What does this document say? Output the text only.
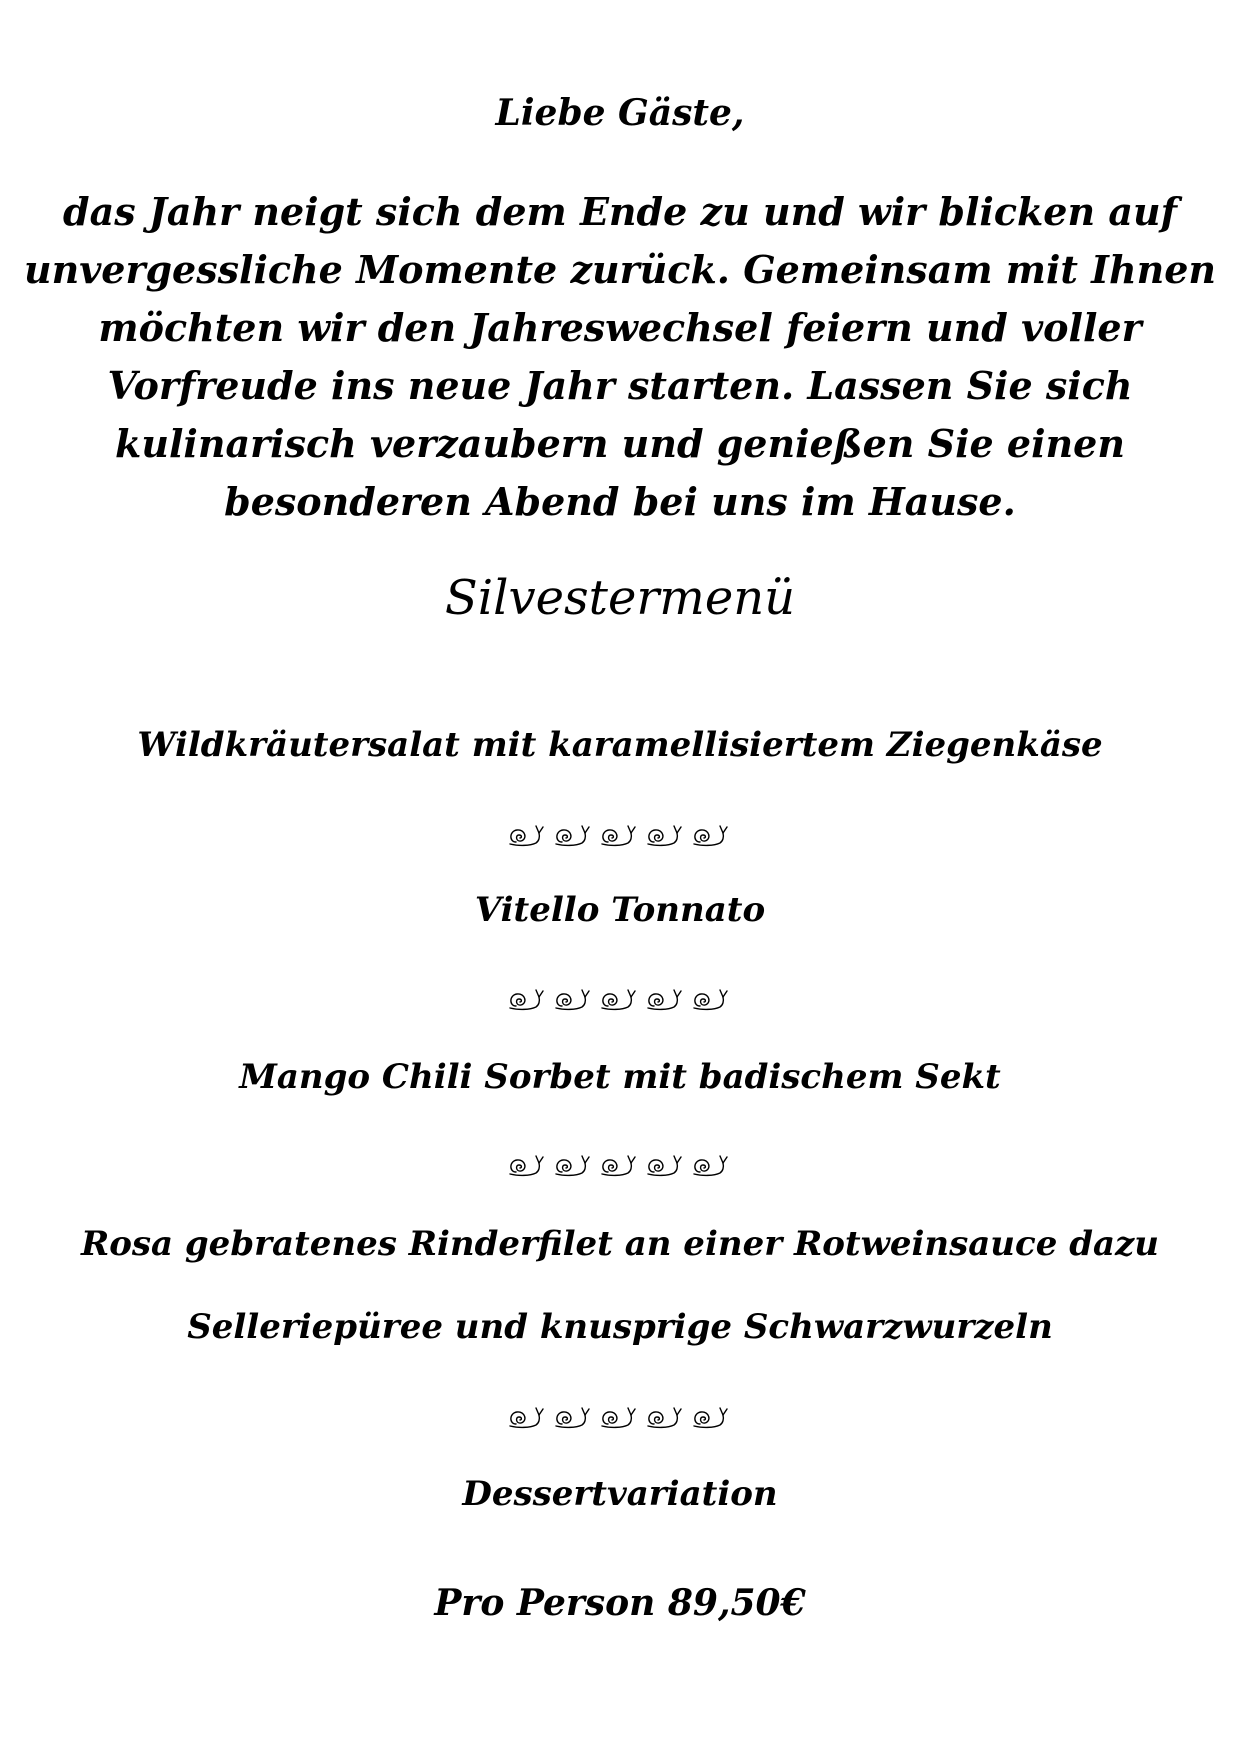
Liebe Gäste,
das Jahr neigt sich dem Ende zu und wir blicken auf
unvergessliche Momente zurück. Gemeinsam mit Ihnen
möchten wir den Jahreswechsel feiern und voller
Vorfreude ins neue Jahr starten. Lassen Sie sich
kulinarisch verzaubern und genießen Sie einen
besonderen Abend bei uns im Hause.
Silvestermenü
Wildkräutersalat mit karamellisiertem Ziegenkäse
Vitello Tonnato
Mango Chili Sorbet mit badischem Sekt
Rosa gebratenes Rinderfilet an einer Rotweinsauce dazu
Selleriepüree und knusprige Schwarzwurzeln
Dessertvariation
Pro Person 89,50€
